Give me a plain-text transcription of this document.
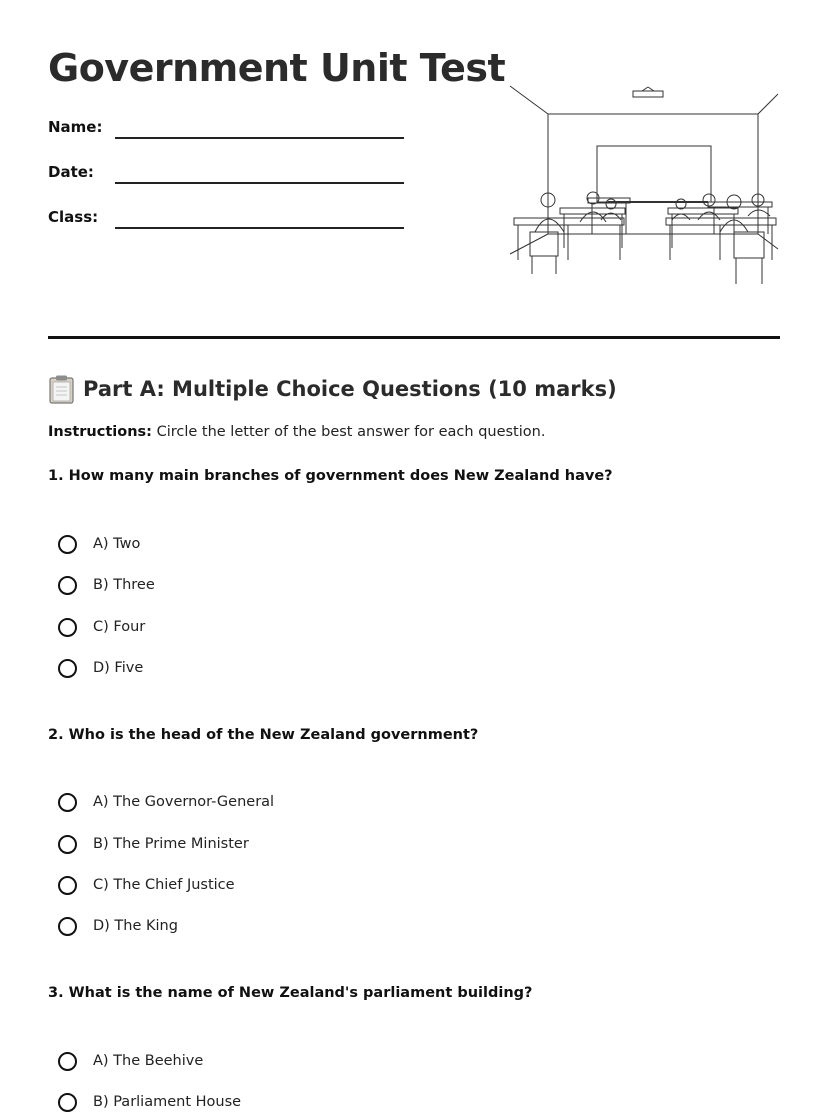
Government Unit Test
Name:
Date:
Class:
Part A: Multiple Choice Questions (10 marks)
Instructions: Circle the letter of the best answer for each question.
1. How many main branches of government does New Zealand have?
A) Two
B) Three
C) Four
D) Five
2. Who is the head of the New Zealand government?
A) The Governor-General
B) The Prime Minister
C) The Chief Justice
D) The King
3. What is the name of New Zealand's parliament building?
A) The Beehive
B) Parliament House
